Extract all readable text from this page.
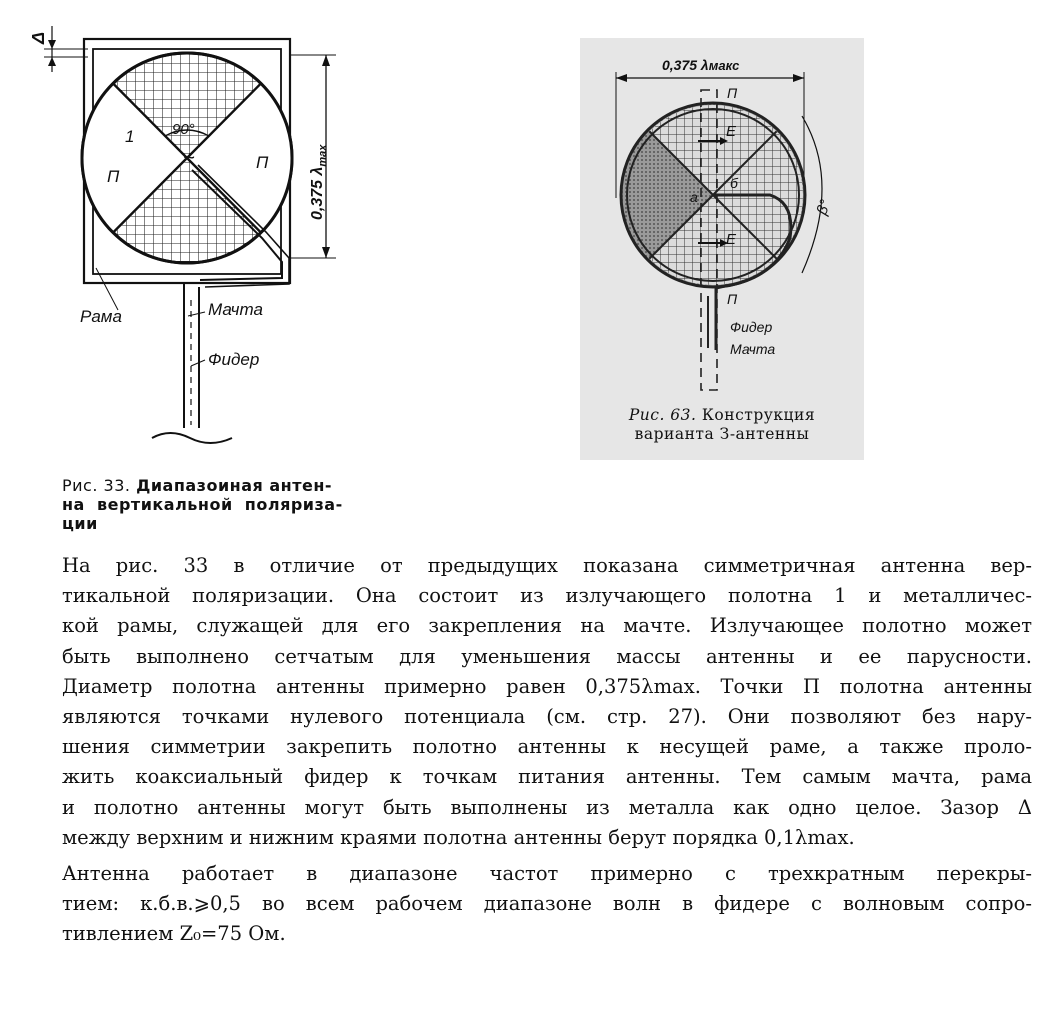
Δ
90°
1
П
П
~
0,375 $\lambda_{max}$
Рама	Мачта
Фидер
Рис. 33. Диапазоиная антен-
на  вертикальной  поляриза-
ции
0,375 λмакс
П
E
E
a
б
β°
П
Фидер
Мачта
Рис. 63. Конструкция
варианта З-антенны

На рис. 33 в отличие от предыдущих показана симметричная антенна вер-
тикальной поляризации. Она состоит из излучающего полотна 1 и металличес-
кой рамы, служащей для его закрепления на мачте. Излучающее полотно может
быть выполнено сетчатым для уменьшения массы антенны и ее парусности.
Диаметр полотна антенны примерно равен 0,375λmax. Точки П полотна антенны
являются точками нулевого потенциала (см. стр. 27). Они позволяют без нару-
шения симметрии закрепить полотно антенны к несущей раме, а также проло-
жить коаксиальный фидер к точкам питания антенны. Тем самым мачта, рама
и полотно антенны могут быть выполнены из металла как одно целое. Зазор Δ
между верхним и нижним краями полотна антенны берут порядка 0,1λmax.

Антенна работает в диапазоне частот примерно с трехкратным перекры-
тием: к.б.в.⩾0,5 во всем рабочем диапазоне волн в фидере с волновым сопро-
тивлением Z₀=75 Ом.
